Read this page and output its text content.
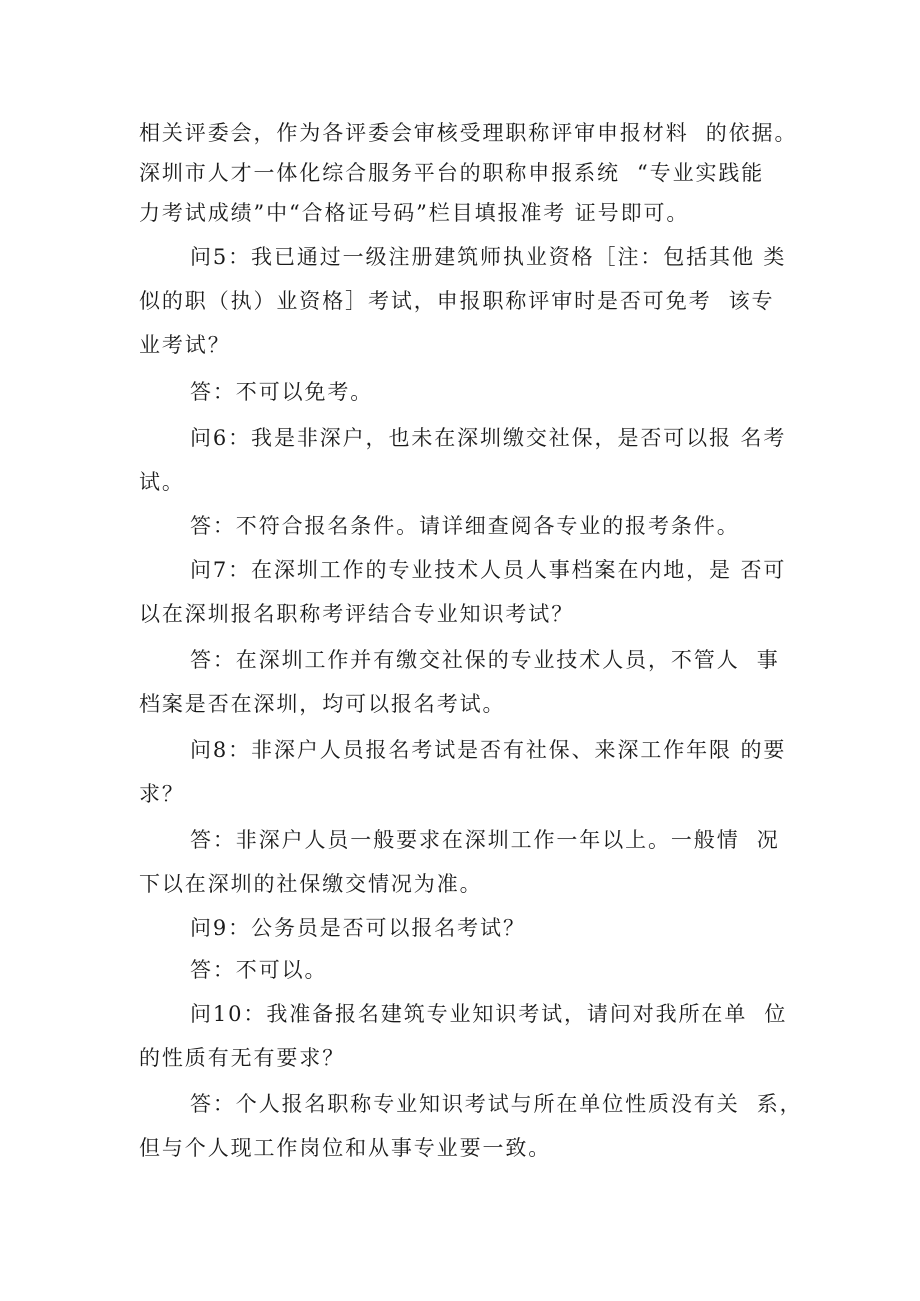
相关评委会，作为各评委会审核受理职称评审申报材料  的依据。
深圳市人才一体化综合服务平台的职称申报系统  “专业实践能
力考试成绩”中“合格证号码”栏目填报准考 证号即可。
问5：我已通过一级注册建筑师执业资格［注：包括其他 类
似的职（执）业资格］考试，申报职称评审时是否可免考  该专
业考试？
答：不可以免考。
问6：我是非深户，也未在深圳缴交社保，是否可以报 名考
试。
答：不符合报名条件。请详细查阅各专业的报考条件。
问7：在深圳工作的专业技术人员人事档案在内地，是 否可
以在深圳报名职称考评结合专业知识考试？
答：在深圳工作并有缴交社保的专业技术人员，不管人  事
档案是否在深圳，均可以报名考试。
问8：非深户人员报名考试是否有社保、来深工作年限 的要
求？
答：非深户人员一般要求在深圳工作一年以上。一般情  况
下以在深圳的社保缴交情况为准。
问9：公务员是否可以报名考试？
答：不可以。
问10：我准备报名建筑专业知识考试，请问对我所在单  位
的性质有无有要求？
答：个人报名职称专业知识考试与所在单位性质没有关  系，
但与个人现工作岗位和从事专业要一致。
